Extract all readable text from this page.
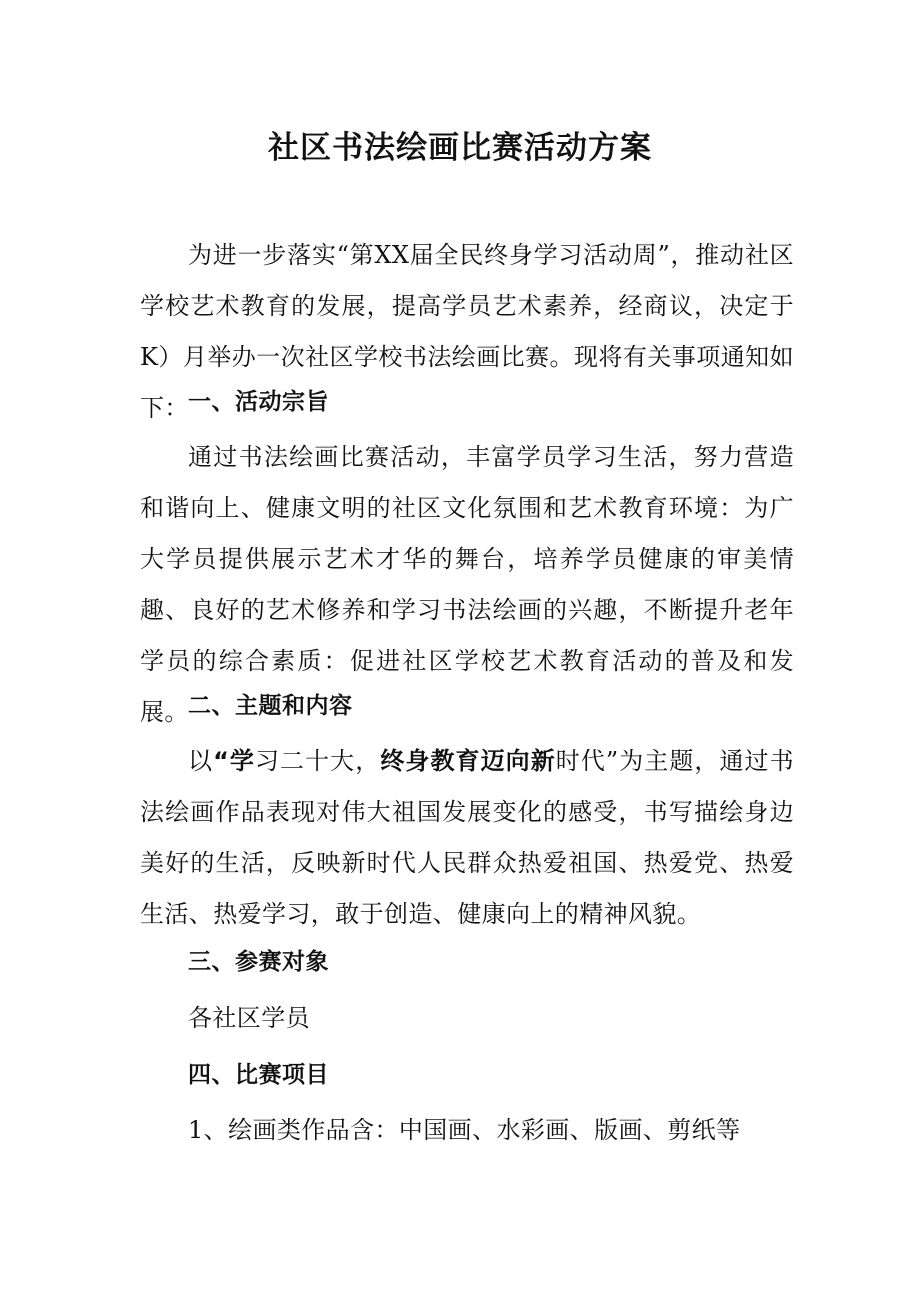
社区书法绘画比赛活动方案

为进一步落实“第XX届全民终身学习活动周”，推动社区学校艺术教育的发展，提高学员艺术素养，经商议，决定于K）月举办一次社区学校书法绘画比赛。现将有关事项通知如下： 一、活动宗旨

通过书法绘画比赛活动，丰富学员学习生活，努力营造和谐向上、健康文明的社区文化氛围和艺术教育环境：为广大学员提供展示艺术才华的舞台，培养学员健康的审美情趣、良好的艺术修养和学习书法绘画的兴趣，不断提升老年学员的综合素质：促进社区学校艺术教育活动的普及和发展。 二、主题和内容

以“学习二十大，终身教育迈向新时代”为主题，通过书法绘画作品表现对伟大祖国发展变化的感受，书写描绘身边美好的生活，反映新时代人民群众热爱祖国、热爱党、热爱生活、热爱学习，敢于创造、健康向上的精神风貌。

三、参赛对象

各社区学员

四、比赛项目

1、绘画类作品含：中国画、水彩画、版画、剪纸等
